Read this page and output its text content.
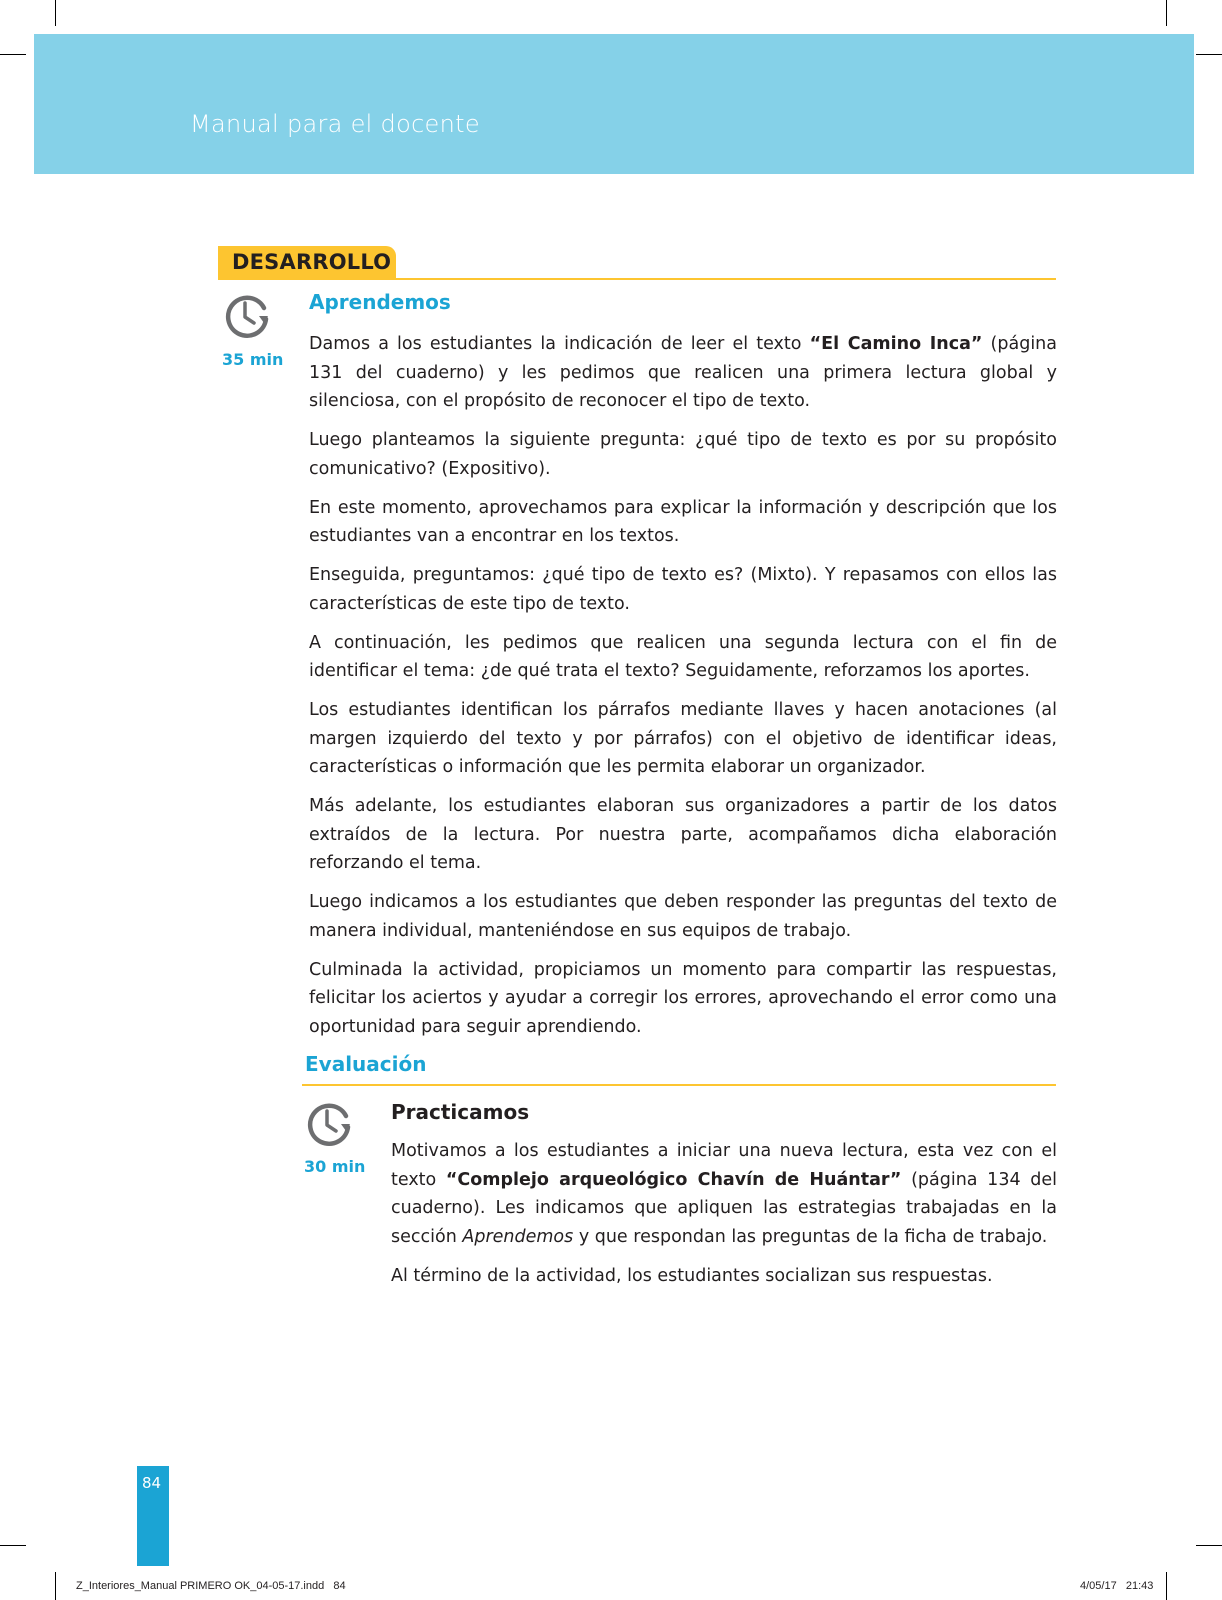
Manual para el docente
DESARROLLO
35 min
Aprendemos

Damos a los estudiantes la indicación de leer el texto “El Camino Inca” (página 131 del cuaderno) y les pedimos que realicen una primera lectura global y silenciosa, con el propósito de reconocer el tipo de texto.

Luego planteamos la siguiente pregunta: ¿qué tipo de texto es por su propósito comunicativo? (Expositivo).

En este momento, aprovechamos para explicar la información y descripción que los estudiantes van a encontrar en los textos.

Enseguida, preguntamos: ¿qué tipo de texto es? (Mixto). Y repasamos con ellos las características de este tipo de texto.

A continuación, les pedimos que realicen una segunda lectura con el fin de identificar el tema: ¿de qué trata el texto? Seguidamente, reforzamos los aportes.

Los estudiantes identifican los párrafos mediante llaves y hacen anotaciones (al margen izquierdo del texto y por párrafos) con el objetivo de identificar ideas, características o información que les permita elaborar un organizador.

Más adelante, los estudiantes elaboran sus organizadores a partir de los datos extraídos de la lectura. Por nuestra parte, acompañamos dicha elaboración reforzando el tema.

Luego indicamos a los estudiantes que deben responder las preguntas del texto de manera individual, manteniéndose en sus equipos de trabajo.

Culminada la actividad, propiciamos un momento para compartir las respuestas, felicitar los aciertos y ayudar a corregir los errores, aprovechando el error como una oportunidad para seguir aprendiendo.

Evaluación
30 min
Practicamos

Motivamos a los estudiantes a iniciar una nueva lectura, esta vez con el texto “Complejo arqueológico Chavín de Huántar” (página 134 del cuaderno). Les indicamos que apliquen las estrategias trabajadas en la sección Aprendemos y que respondan las preguntas de la ficha de trabajo.

Al término de la actividad, los estudiantes socializan sus respuestas.

84
Z_Interiores_Manual PRIMERO OK_04-05-17.indd   84	4/05/17   21:43
